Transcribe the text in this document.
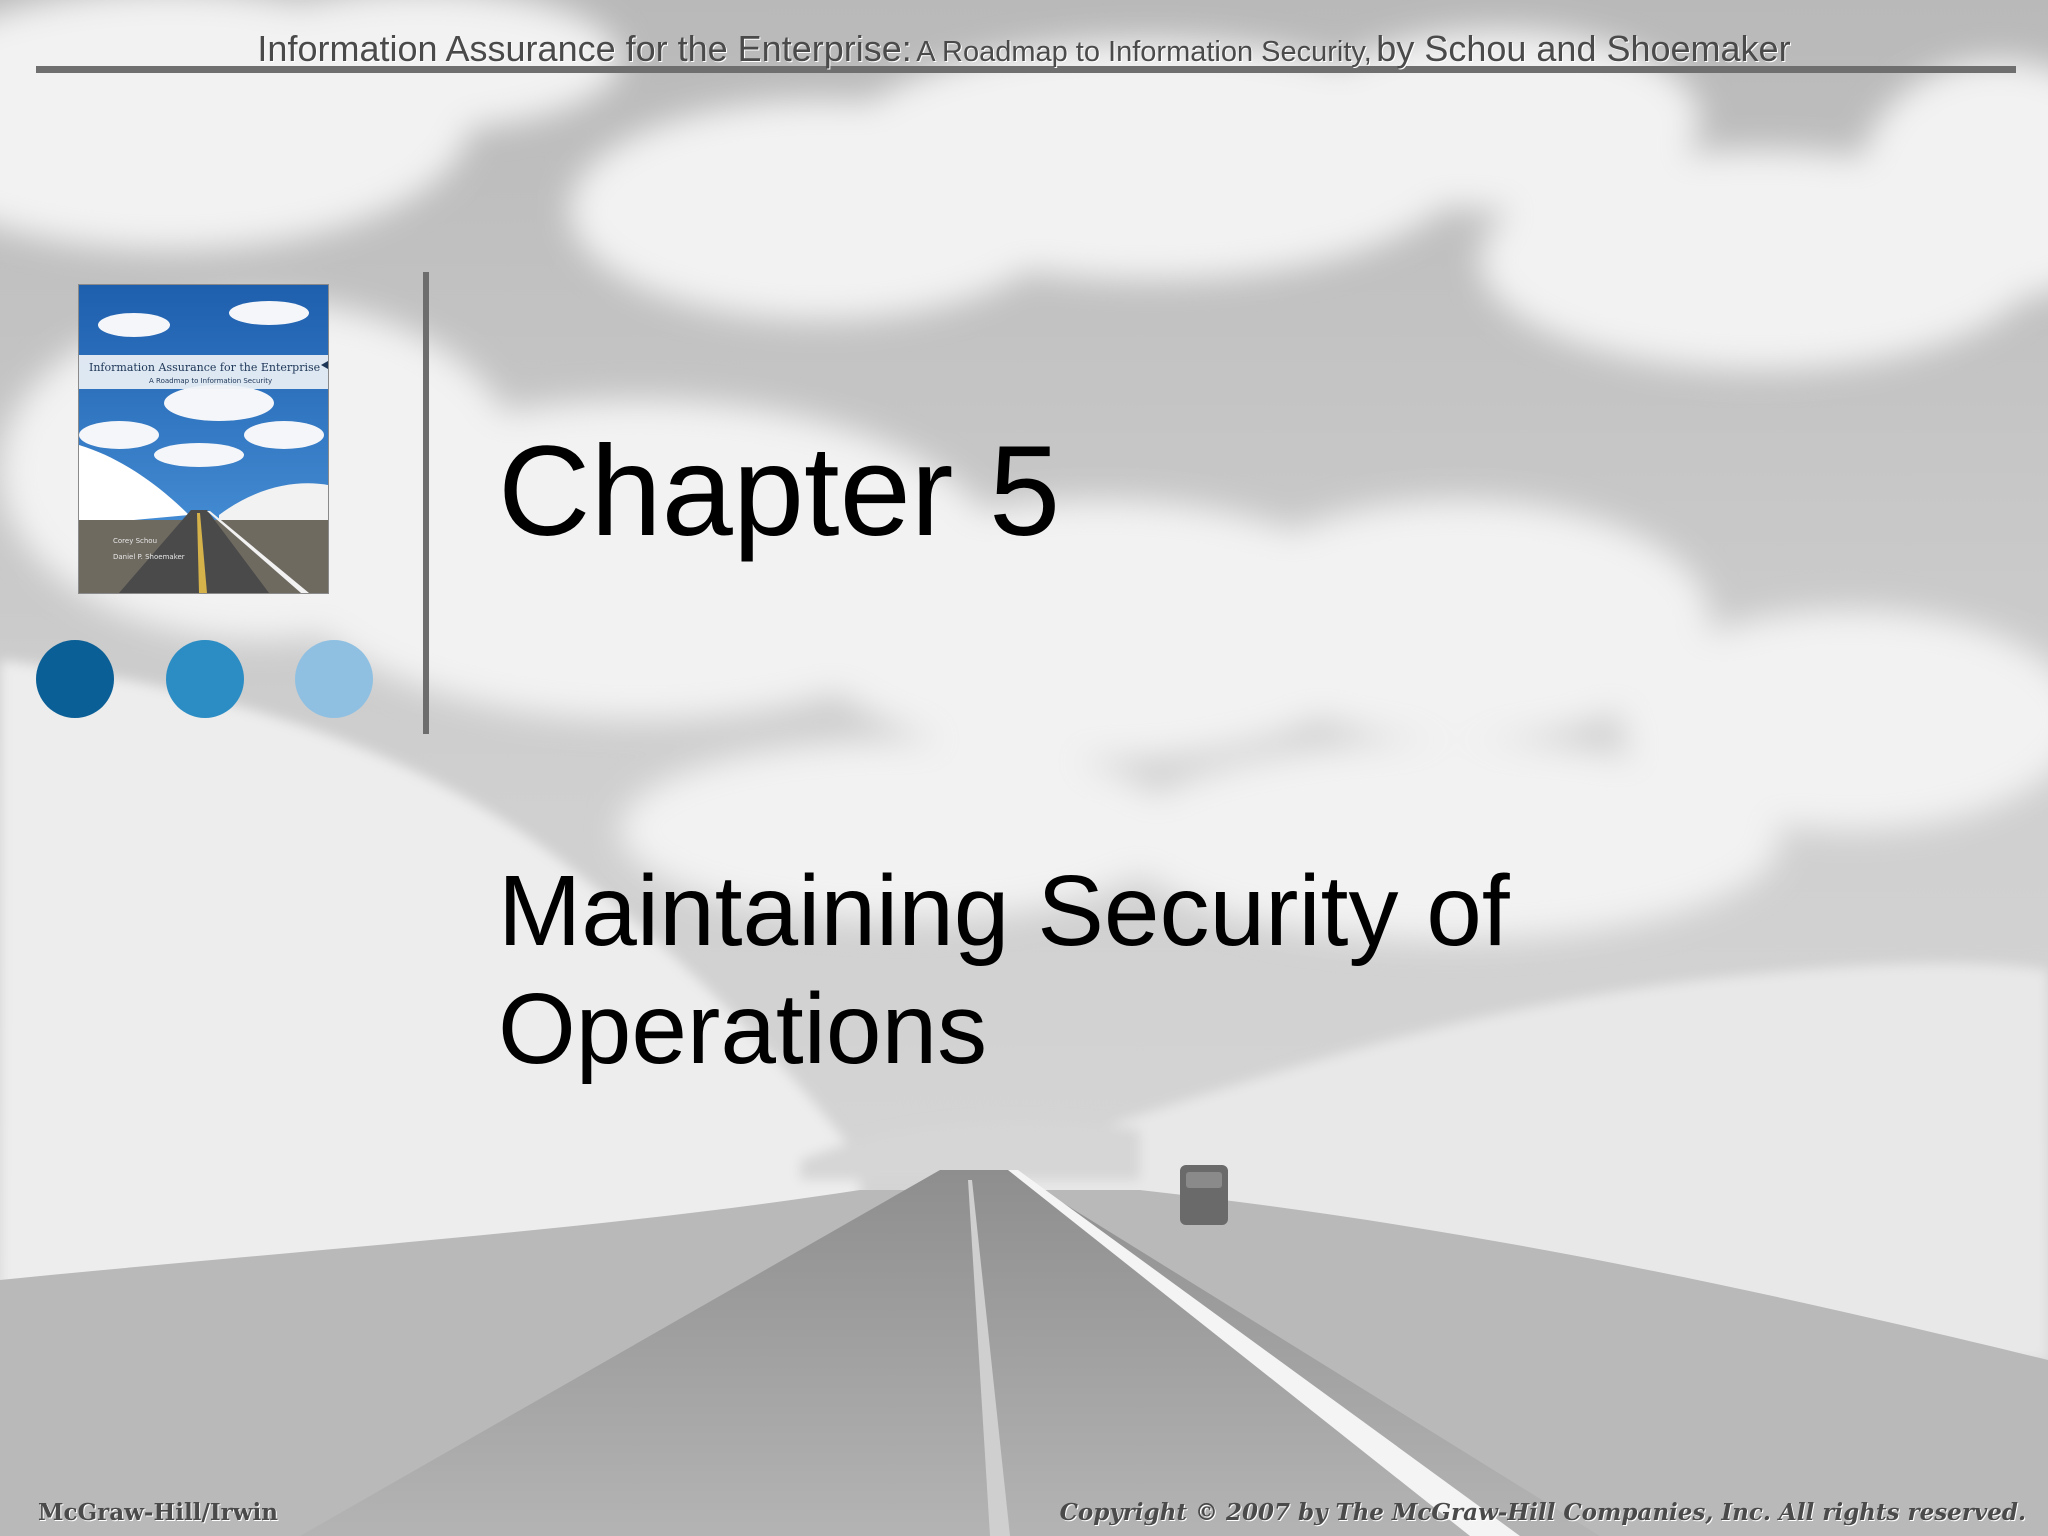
Information Assurance for the Enterprise: A Roadmap to Information Security, by Schou and Shoemaker
Information Assurance for the Enterprise
A Roadmap to Information Security
Corey Schou
Daniel P. Shoemaker Chapter 5
Maintaining Security of Operations
McGraw-Hill/Irwin	Copyright © 2007 by The McGraw-Hill Companies, Inc. All rights reserved.
